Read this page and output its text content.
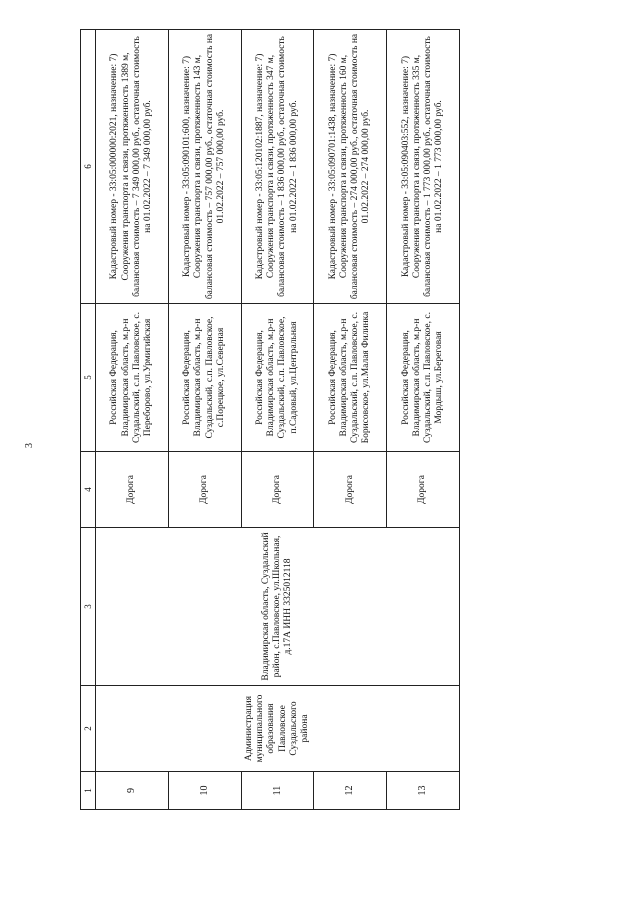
3
1	2	3	4	5	6
9	Администрация муниципального образования Павловское Суздальского района	Владимирская область, Суздальский район, с.Павловское, ул.Школьная, д.17А ИНН 3325012118	Дорога	Российская Федерация, Владимирская область, м.р-н Суздальский, с.п. Павловское, с. Переборово, ул.Урмигийская	Кадастровый номер - 33:05:000000:2021, назначение: 7) Сооружения транспорта и связи, протяженность 1389 м, балансовая стоимость – 7 349 000,00 руб., остаточная стоимость на 01.02.2022 – 7 349 000,00 руб.
10			Дорога	Российская Федерация, Владимирская область, м.р-н Суздальский, с.п. Павловское, с.Порецкое, ул.Северная	Кадастровый номер - 33:05:090101:600, назначение: 7) Сооружения транспорта и связи, протяженность 143 м, балансовая стоимость – 757 000,00 руб., остаточная стоимость на 01.02.2022 – 757 000,00 руб.
11			Дорога	Российская Федерация, Владимирская область, м.р-н Суздальский, с.п. Павловское, п.Садовый, ул.Центральная	Кадастровый номер - 33:05:120102:1887, назначение: 7) Сооружения транспорта и связи, протяженность 347 м, балансовая стоимость – 1 836 000,00 руб., остаточная стоимость на 01.02.2022 – 1 836 000,00 руб.
12			Дорога	Российская Федерация, Владимирская область, м.р-н Суздальский, с.п. Павловское, с. Борисовское, ул.Малая Филинка	Кадастровый номер - 33:05:090701:1438, назначение: 7) Сооружения транспорта и связи, протяженность 160 м, балансовая стоимость – 274 000,00 руб., остаточная стоимость на 01.02.2022 – 274 000,00 руб.
13			Дорога	Российская Федерация, Владимирская область, м.р-н Суздальский, с.п. Павловское, с. Мордыш, ул.Береговая	Кадастровый номер - 33:05:090403:552, назначение: 7) Сооружения транспорта и связи, протяженность 335 м, балансовая стоимость – 1 773 000,00 руб., остаточная стоимость на 01.02.2022 – 1 773 000,00 руб.
